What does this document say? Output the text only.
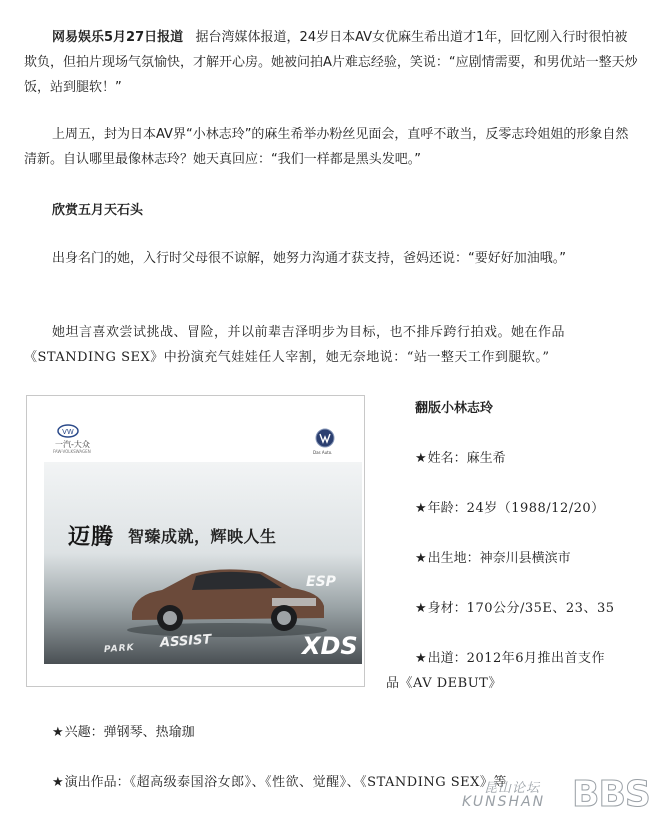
网易娱乐5月27日报道 据台湾媒体报道，24岁日本AV女优麻生希出道才1年，回忆刚入行时很怕被欺负，但拍片现场气氛愉快，才解开心房。她被问拍A片难忘经验，笑说：“应剧情需要，和男优站一整天炒饭，站到腿软！”

上周五，封为日本AV界“小林志玲”的麻生希举办粉丝见面会，直呼不敢当，反零志玲姐姐的形象自然清新。自认哪里最像林志玲？她天真回应：“我们一样都是黑头发吧。”

欣赏五月天石头

出身名门的她，入行时父母很不谅解，她努力沟通才获支持，爸妈还说：“要好好加油哦。”

她坦言喜欢尝试挑战、冒险，并以前辈吉泽明步为目标，也不排斥跨行拍戏。她在作品《STANDING SEX》中扮演充气娃娃任人宰割，她无奈地说：“站一整天工作到腿软。”

VW
一汽-大众
FAW-VOLKSWAGEN	Das Auto.
迈腾 智臻成就，辉映人生
ESP
PARK ASSIST	XDS

翻版小林志玲

★姓名：麻生希

★年龄：24岁（1988/12/20）

★出生地：神奈川县横滨市

★身材：170公分/35E、23、35

★出道：2012年6月推出首支作

品《AV DEBUT》

★兴趣：弹钢琴、热瑜珈

★演出作品：《超高级泰国浴女郎》、《性欲、觉醒》、《STANDING SEX》等

昆山论坛
KUNSHAN BBS
